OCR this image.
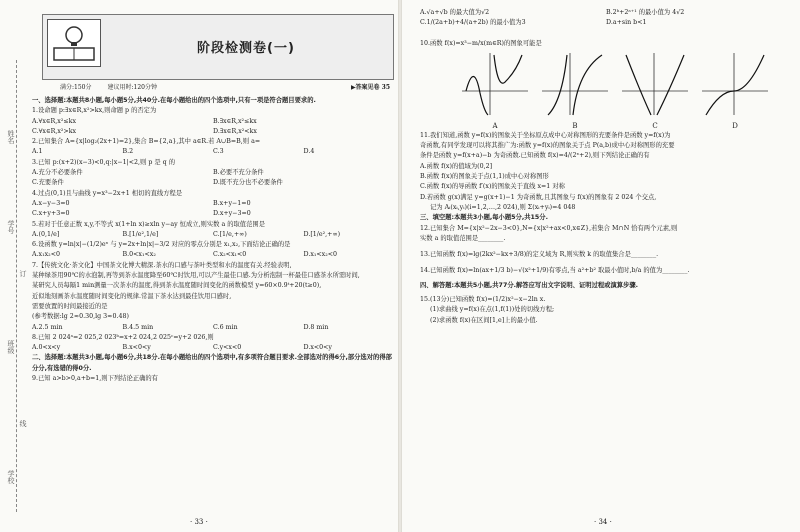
姓名
学号
班级
学校
线
订
阶段检测卷(一)
满分:150分	建议用时:120分钟	▶答案见卷 35
一、选择题:本题共8小题,每小题5分,共40分.在每小题给出的四个选项中,只有一项是符合题目要求的.
1.设命题 p:∃x∈R,x²>kx,则命题 p 的否定为
A.∀x∈R,x²≤kx	B.∃x∈R,x²≤kx
C.∀x∈R,x²>kx	D.∃x∈R,x²<kx
2.已知集合 A={x|log₂(2x+1)=2},集合 B={2,a},其中 a∈R.若 A∪B=B,则 a=
A.1	B.2	C.3	D.4
3.已知 p:(x+2)(x−3)<0,q:|x−1|<2,则 p 是 q 的
A.充分不必要条件	B.必要不充分条件
C.充要条件	D.既不充分也不必要条件
4.过点(0,1)且与曲线 y=x³−2x+1 相切的直线方程是
A.x−y−3=0	B.x+y−1=0
C.x+y+3=0	D.x+y−3=0
5.若对于任意正数 x,y,不等式 x(1+ln x)≥xln y−ay 恒成立,则实数 a 的取值范围是
A.(0,1/e]	B.[1/e²,1/e]	C.[1/e,+∞)	D.[1/e²,+∞)
6.设函数 y=ln|x|−(1/2)eˣ 与 y=2x+ln|x|−3/2 对应的零点分别是 x₁,x₂,下面结论正确的是
A.x₁x₂<0	B.0<x₁<x₂	C.x₂<x₁<0	D.x₁<x₂<0
7.【传统文化·茶文化】中国茶文化博大精深.茶水的口感与茶叶类型和水的温度有关.经验表明,
某种绿茶用90℃的水泡制,再等到茶水温度降至60℃时饮用,可以产生最佳口感.为分析泡制一杯最佳口感茶水所需时间,
某研究人员每隔1 min测量一次茶水的温度,得到茶水温度随时间变化的函数模型 y=60×0.9ᵗ+20(t≥0),
近似地刻画茶水温度随时间变化的规律.常温下茶水达到最佳饮用口感时,
需要放置的时间最接近的是
(参考数据:lg 2≈0.30,lg 3≈0.48)
A.2.5 min	B.4.5 min	C.6 min	D.8 min
8.已知 2 024ᵃ=2 025,2 023ᵇ=x+2 024,2 025ᶜ=y+2 026,则
A.0<x<y	B.x<0<y	C.y<x<0	D.x<0<y
二、选择题:本题共3小题,每小题6分,共18分.在每小题给出的四个选项中,有多项符合题目要求.全部选对的得6分,部分选对的得部分分,有选错的得0分.
9.已知 a>b>0,a+b=1,则下列结论正确的有
· 33 ·
A.√a+√b 的最大值为√2	B.2ᵇ+2ᵃ⁺¹ 的最小值为 4√2
C.1/(2a+b)+4/(a+2b) 的最小值为3	D.a+sin b<1
10.函数 f(x)=x³−m/x(m∈R)的图象可能是
A	B	C	D
11.我们知道,函数 y=f(x)的图象关于坐标原点成中心对称图形的充要条件是函数 y=f(x)为
奇函数,有同学发现可以将其推广为:函数 y=f(x)的图象关于点 P(a,b)成中心对称图形的充要
条件是函数 y=f(x+a)−b 为奇函数.已知函数 f(x)=4/(2ˣ+2),则下列结论正确的有
A.函数 f(x)的值域为(0,2]
B.函数 f(x)的图象关于点(1,1)成中心对称图形
C.函数 f(x)的导函数 f′(x)的图象关于直线 x=1 对称
D.若函数 g(x)满足 y=g(x+1)−1 为奇函数,且其图象与 f(x)的图象有 2 024 个交点,
记为 Aᵢ(xᵢ,yᵢ)(i=1,2,…,2 024),则 Σ(xᵢ+yᵢ)=4 048
三、填空题:本题共3小题,每小题5分,共15分.
12.已知集合 M={x|x²−2x−3<0},N={x|x²+ax<0,x∈Z},若集合 M∩N 恰有两个元素,则
实数 a 的取值范围是________.
13.已知函数 f(x)=lg(2kx²−kx+3/8)的定义域为 R,则实数 k 的取值集合是________.
14.已知函数 f(x)=ln(ax+1/3 b)−√(x²+1/9)有零点,当 a²+b² 取最小值时,b/a 的值为________.
四、解答题:本题共5小题,共77分.解答应写出文字说明、证明过程或演算步骤.
15.(13分)已知函数 f(x)=(1/2)x²−x−2ln x.
(1)求曲线 y=f(x)在点(1,f(1))处的切线方程;
(2)求函数 f(x)在区间[1,e]上的最小值.
· 34 ·
